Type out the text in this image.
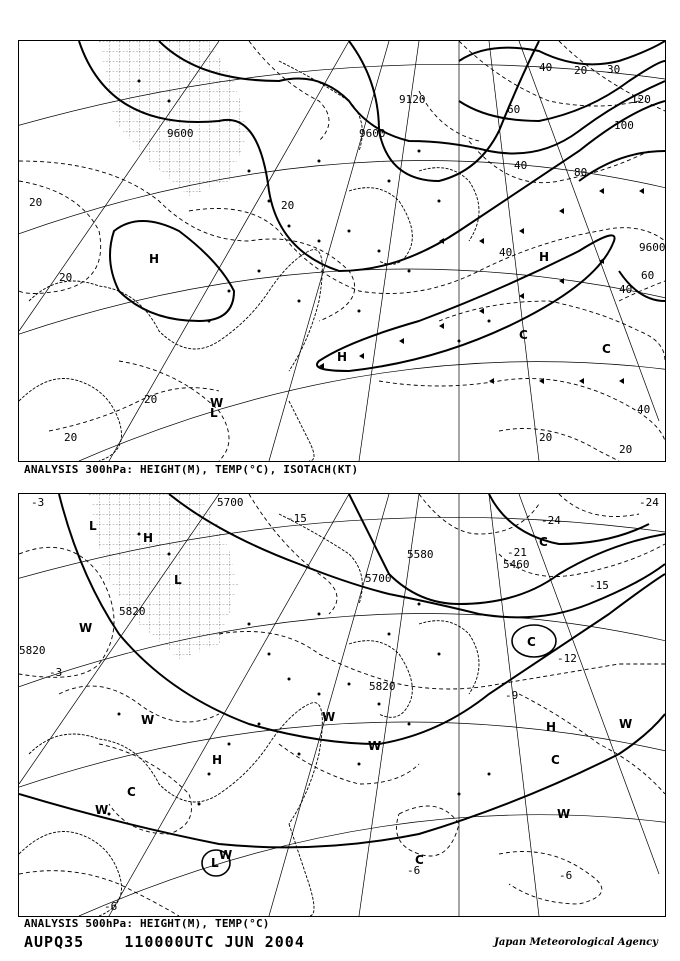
9120
9600
9600
9600
20
20
20
20
20
20
20
20
30
40
40
40
40
40
60
60
80
100
120
H	H
H
L
C
C
W
ANALYSIS 300hPa: HEIGHT(M), TEMP(°C), ISOTACH(KT)
5700
5580
5460
5700
5820
5820
5820
-3
-3
-24
-24
-21
-15
-15
-12
-9
-6
-6
-6
H
H
H
L
L
L
C
C
C
C
C
W
W
W
W
W
W
W
W
ANALYSIS 500hPa: HEIGHT(M), TEMP(°C)
AUPQ35	110000UTC JUN 2004	Japan Meteorological Agency
